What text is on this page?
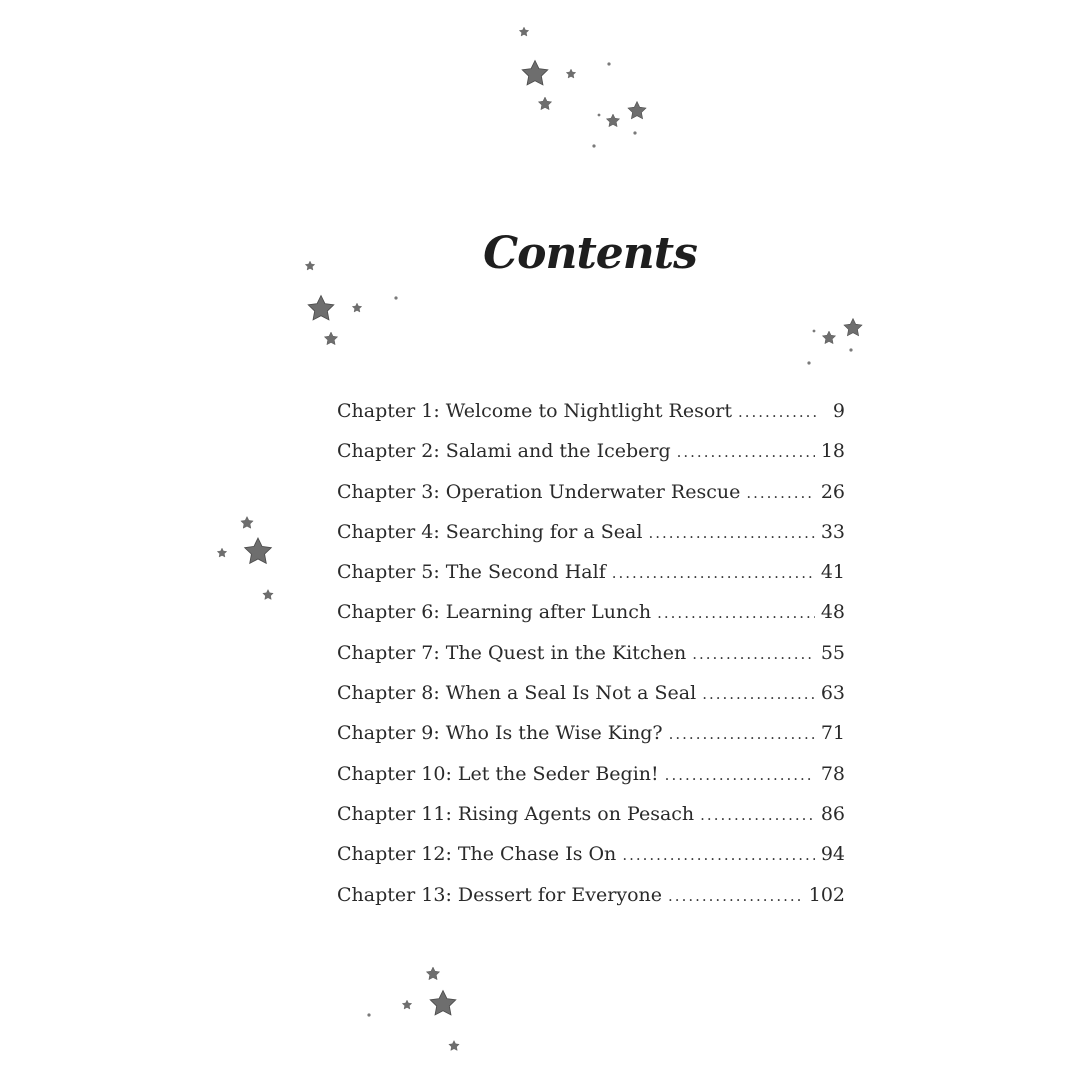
Contents
Chapter 1: Welcome to Nightlight Resort .....	9
Chapter 2: Salami and the Iceberg .....	18
Chapter 3: Operation Underwater Rescue .....	26
Chapter 4: Searching for a Seal .....	33
Chapter 5: The Second Half .....	41
Chapter 6: Learning after Lunch .....	48
Chapter 7: The Quest in the Kitchen .....	55
Chapter 8: When a Seal Is Not a Seal .....	63
Chapter 9: Who Is the Wise King? .....	71
Chapter 10: Let the Seder Begin! .....	78
Chapter 11: Rising Agents on Pesach .....	86
Chapter 12: The Chase Is On .....	94
Chapter 13: Dessert for Everyone .....	102
